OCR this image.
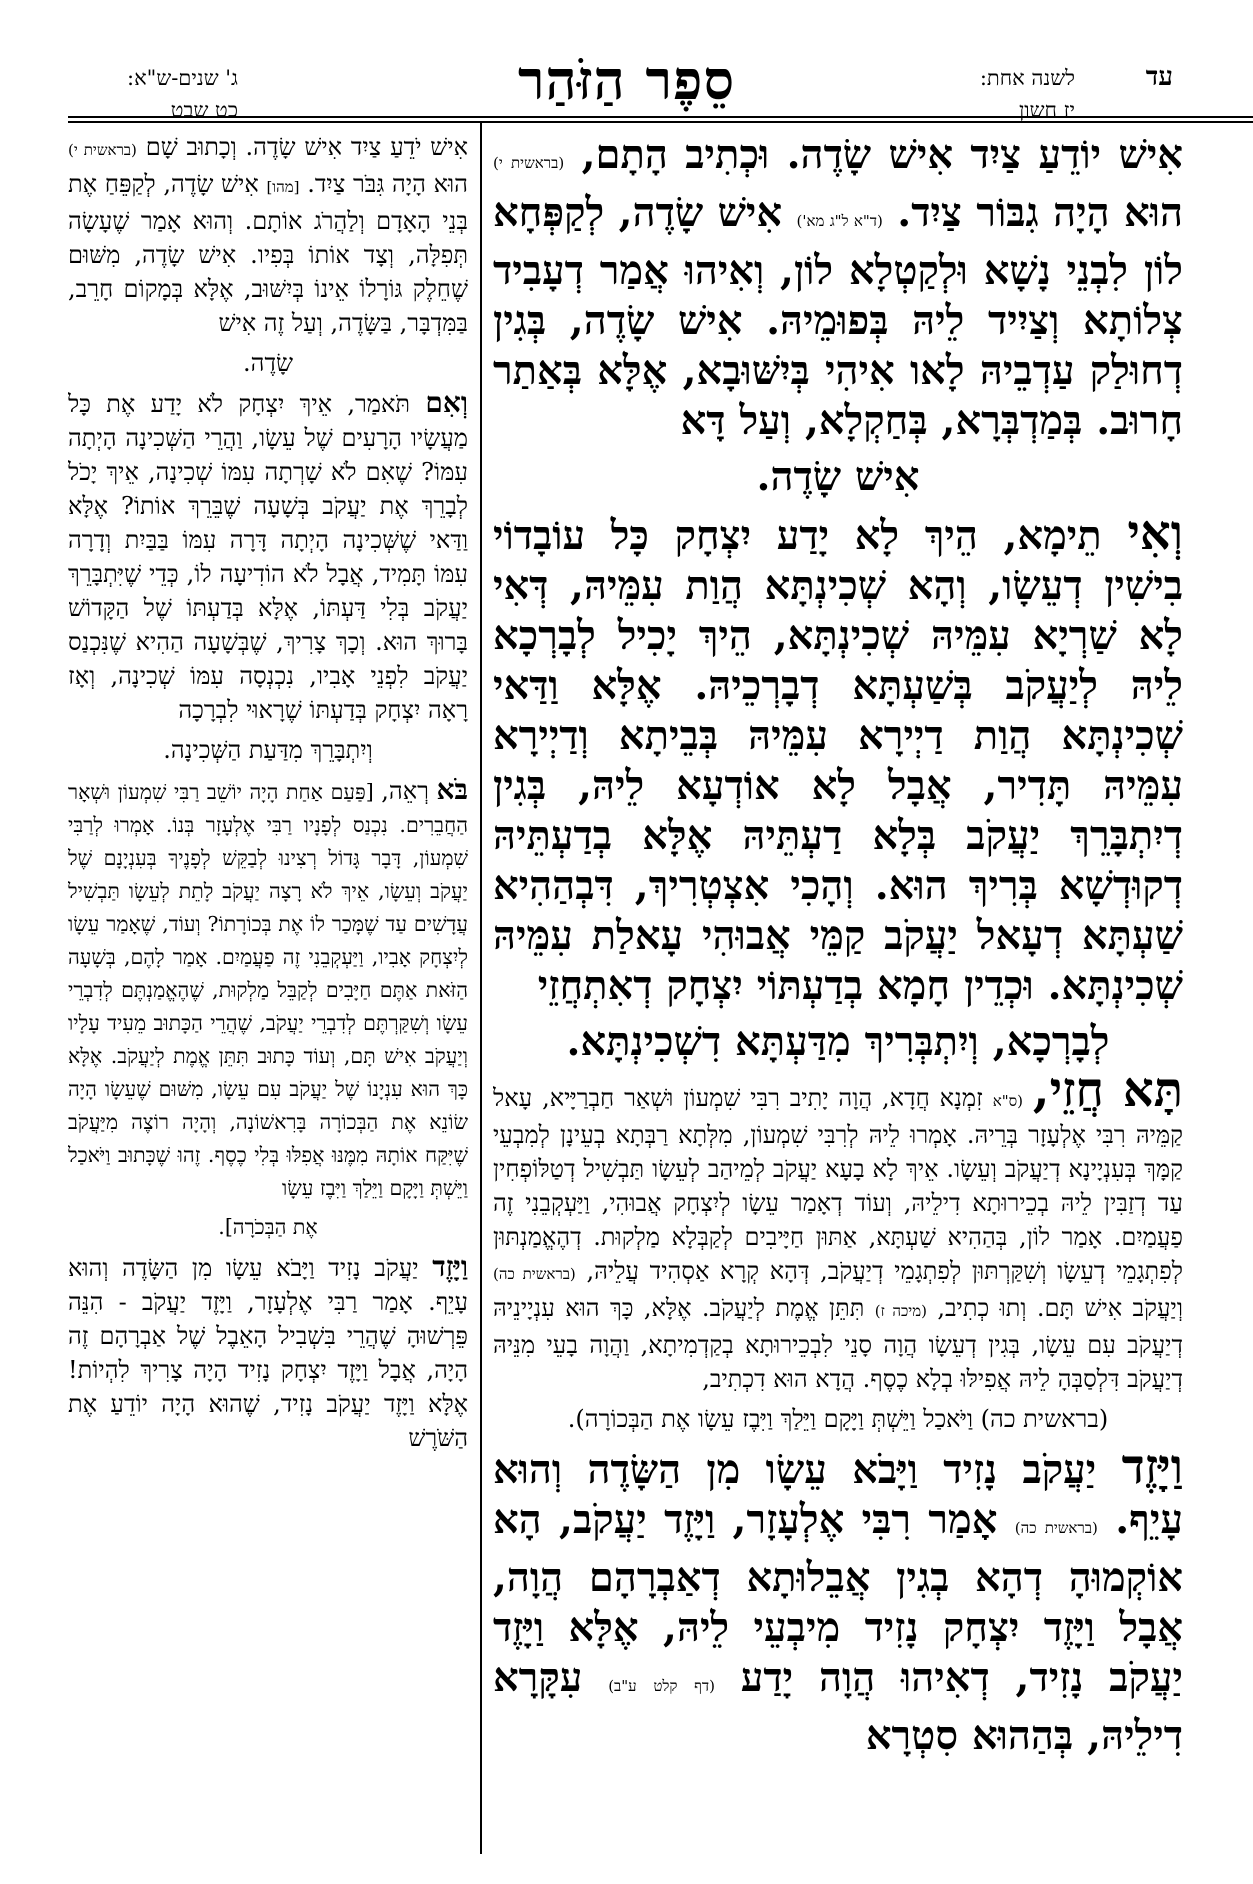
עד
לשנה אחת:
יז חשון
סֵפֶר הַזֹּהַר
ג' שנים-ש"א:
כט שבט

אִישׁ יוֹדֵעַ צַיִד אִישׁ שָׂדֶה. וּכְתִיב הָתָם, (בראשית י) הוּא הָיָה גִבּוֹר צַיִד. (ד"א ל"ג מא') אִישׁ שָׂדֶה, לְקַפְּחָא לוֹן לִבְנֵי נָשָׁא וּלְקַטְלָא לוֹן, וְאִיהוּ אֲמַר דְעָבִיד צְלוֹתָא וְצַיִיד לֵיהּ בְּפוּמֵיהּ. אִישׁ שָׂדֶה, בְּגִין דְחוּלַק עַדְבֵיהּ לָאו אִיהִי בְּיִשּׁוּבָא, אֶלָּא בְּאַתַר חָרוּב. בְּמַדְבְּרָא, בְּחַקְלָא, וְעַל דָּא

אִישׁ שָׂדֶה.

וְאִי תֵימָא, הֵיךְ לָא יָדַע יִצְחָק כָּל עוֹבָדוֹי בִישִׁין דְעֵשָׂו, וְהָא שְׁכִינְתָּא הֲוַת עִמֵּיהּ, דְּאִי לָא שַׁרְיָא עִמֵּיהּ שְׁכִינְתָּא, הֵיךְ יָכִיל לְבָרְכָא לֵיהּ לְיַעֲקֹב בְּשַׁעְתָּא דְבָרְכֵיהּ. אֶלָּא וַדַּאי שְׁכִינְתָּא הֲוַת דַיְירָא עִמֵּיהּ בְּבֵיתָא וְדַיְירָא עִמֵּיהּ תָּדִיר, אֲבָל לָא אוֹדְעָא לֵיהּ, בְּגִין דְיִתְבָּרֵךְ יַעֲקֹב בְּלָא דַעְתֵּיהּ אֶלָּא בְדַעְתֵּיהּ דְקוּדְשָׁא בְּרִיךְ הוּא. וְהָכִי אִצְטְרִיךְ, דִּבְהַהִיא שַׁעְתָּא דְעָאל יַעֲקֹב קַמֵּי אֲבוּהִי עָאלַת עִמֵּיהּ שְׁכִינְתָּא. וּכְדֵין חָמָא בְדַעְתּוֹי יִצְחָק דְאִתְחֲזֵי

לְבָרְכָא, וְיִתְבְּרִיךְ מִדַּעְתָּא דִשְׁכִינְתָּא.

תָּא חֲזֵי, (ס"א זִמְנָא חֲדָא, הֲוָה יָתִיב רִבִּי שִׁמְעוֹן וּשְׁאַר חַבְרַיָּיא, עָאל קַמֵּיהּ רִבִּי אֶלְעָזָר בְּרֵיהּ. אָמְרוּ לֵיהּ לְרִבִּי שִׁמְעוֹן, מִלְּתָא רַבְּתָא בְעֵינָן לְמִבְעֵי קַמָּךְ בְּעִנְיָינָא דְיַעֲקֹב וְעֵשָׂו. אֵיךְ לָא בָעָא יַעֲקֹב לְמֵיהַב לְעֵשָׂו תַּבְשִׁיל דְטַלּוֹפְחִין עַד דְזַבִּין לֵיהּ בְכֵירוּתָא דִילֵיהּ, וְעוֹד דְאָמַר עֵשָׂו לְיִצְחָק אֲבוּהִי, וַיַּעְקְבֵנִי זֶה פַעֲמַיִם. אָמַר לוֹן, בְּהַהִיא שַׁעְתָּא, אַתּוּן חַיָּיבִים לְקַבְּלָא מַלְקוּת. דְהֶאֱמַנְתּוּן לְפִתְגָמֵי דְעֵשָׂו וְשִׁקַּרְתּוּן לְפִתְגָמֵי דְיַעֲקֹב, דְּהָא קְרָא אַסְהִיד עֲלֵיהּ, (בראשית כה) וְיַעֲקֹב אִישׁ תָּם. וְתוּ כְתִיב, (מיכה ז) תִּתֵּן אֱמֶת לְיַעֲקֹב. אֶלָּא, כָּךְ הוּא עִנְיָינֵיהּ דְיַעֲקֹב עִם עֵשָׂו, בְּגִין דְעֵשָׂו הֲוָה סָנֵי לִבְכֵירוּתָא בְקַדְמִיתָא, וַהֲוָה בָעֵי מִנֵּיהּ דְיַעֲקֹב דִּלְסַבְּהָ לֵיהּ אֲפִילּוּ בְלָא כֶסֶף. הֲדָא הוּא דִכְתִיב,

(בראשית כה) וַיֹּאכַל וַיֵּשְׁתְּ וַיָּקָם וַיֵּלַךְ וַיִּבֶז עֵשָׂו אֶת הַבְּכוֹרָה).

וַיָּזֶד יַעֲקֹב נָזִיד וַיָּבֹא עֵשָׂו מִן הַשָּׂדֶה וְהוּא עָיֵף. (בראשית כה) אָמַר רִבִּי אֶלְעָזָר, וַיָּזֶד יַעֲקֹב, הָא אוֹקְמוּהָ דְהָא בְגִין אֲבֵלוּתָא דְאַבְרָהָם הֲוָה, אֲבָל וַיָּזֶד יִצְחָק נָזִיד מִיבְעֵי לֵיהּ, אֶלָּא וַיָּזֶד יַעֲקֹב נָזִיד, דְאִיהוּ הֲוָה יָדַע (דף קלט ע"ב) עִקָּרָא דִילֵיהּ, בְּהַהוּא סִטְרָא

אִישׁ יֹדֵעַ צַיִד אִישׁ שָׂדֶה. וְכָתוּב שָׁם (בראשית י) הוּא הָיָה גִּבֹּר צַיִד. [מהו] אִישׁ שָׂדֶה, לְקַפֵּחַ אֶת בְּנֵי הָאָדָם וְלַהֲרֹג אוֹתָם. וְהוּא אָמַר שֶׁעָשָׂה תְּפִלָּה, וְצָד אוֹתוֹ בְּפִיו. אִישׁ שָׂדֶה, מִשּׁוּם שֶׁחֵלֶק גּוֹרָלוֹ אֵינוֹ בְּיִשּׁוּב, אֶלָּא בְּמָקוֹם חָרֵב, בַּמִּדְבָּר, בַּשָּׂדֶה, וְעַל זֶה אִישׁ

שָׂדֶה.

וְאִם תֹּאמַר, אֵיךְ יִצְחָק לֹא יָדַע אֶת כָּל מַעֲשָׂיו הָרָעִים שֶׁל עֵשָׂו, וַהֲרֵי הַשְּׁכִינָה הָיְתָה עִמּוֹ? שֶׁאִם לֹא שָׁרְתָה עִמּוֹ שְׁכִינָה, אֵיךְ יָכֹל לְבָרֵךְ אֶת יַעֲקֹב בְּשָׁעָה שֶׁבֵּרֵךְ אוֹתוֹ? אֶלָּא וַדַּאי שֶׁשְּׁכִינָה הָיְתָה דָּרָה עִמּוֹ בַּבַּיִת וְדָרָה עִמּוֹ תָּמִיד, אֲבָל לֹא הוֹדִיעָה לוֹ, כְּדֵי שֶׁיִּתְבָּרֵךְ יַעֲקֹב בְּלִי דַּעְתּוֹ, אֶלָּא בְּדַעְתּוֹ שֶׁל הַקָּדוֹשׁ בָּרוּךְ הוּא. וְכָךְ צָרִיךְ, שֶׁבְּשָׁעָה הַהִיא שֶׁנִּכְנַס יַעֲקֹב לִפְנֵי אָבִיו, נִכְנְסָה עִמּוֹ שְׁכִינָה, וְאָז רָאָה יִצְחָק בְּדַעְתּוֹ שֶׁרָאוּי לִבְרָכָה

וְיִתְבָּרֵךְ מִדַּעַת הַשְּׁכִינָה.

בֹּא רְאֵה, [פַּעַם אַחַת הָיָה יוֹשֵׁב רַבִּי שִׁמְעוֹן וּשְׁאָר הַחֲבֵרִים. נִכְנַס לְפָנָיו רַבִּי אֶלְעָזָר בְּנוֹ. אָמְרוּ לְרַבִּי שִׁמְעוֹן, דָּבָר גָּדוֹל רְצִינוּ לְבַקֵּשׁ לְפָנֶיךָ בְּעִנְיָנָם שֶׁל יַעֲקֹב וְעֵשָׂו, אֵיךְ לֹא רָצָה יַעֲקֹב לָתֵת לְעֵשָׂו תַּבְשִׁיל עֲדָשִׁים עַד שֶׁמָּכַר לוֹ אֶת בְּכוֹרָתוֹ? וְעוֹד, שֶׁאָמַר עֵשָׂו לְיִצְחָק אָבִיו, וַיַּעְקְבֵנִי זֶה פַעֲמַיִם. אָמַר לָהֶם, בְּשָׁעָה הַזֹּאת אַתֶּם חַיָּבִים לְקַבֵּל מַלְקוּת, שֶׁהֶאֱמַנְתֶּם לְדִבְרֵי עֵשָׂו וְשִׁקַּרְתֶּם לְדִבְרֵי יַעֲקֹב, שֶׁהֲרֵי הַכָּתוּב מֵעִיד עָלָיו וְיַעֲקֹב אִישׁ תָּם, וְעוֹד כָּתוּב תִּתֵּן אֱמֶת לְיַעֲקֹב. אֶלָּא כָּךְ הוּא עִנְיָנוֹ שֶׁל יַעֲקֹב עִם עֵשָׂו, מִשּׁוּם שֶׁעֵשָׂו הָיָה שׂוֹנֵא אֶת הַבְּכוֹרָה בָּרִאשׁוֹנָה, וְהָיָה רוֹצֶה מִיַּעֲקֹב שֶׁיִּקַּח אוֹתָהּ מִמֶּנּוּ אֲפִלּוּ בְּלִי כֶסֶף. זֶהוּ שֶׁכָּתוּב וַיֹּאכַל וַיֵּשְׁתְּ וַיָּקָם וַיֵּלַךְ וַיִּבֶז עֵשָׂו

אֶת הַבְּכֹרָה].

וַיָּזֶד יַעֲקֹב נָזִיד וַיָּבֹא עֵשָׂו מִן הַשָּׂדֶה וְהוּא עָיֵף. אָמַר רַבִּי אֶלְעָזָר, וַיָּזֶד יַעֲקֹב - הִנֵּה פֵּרְשׁוּהָ שֶׁהֲרֵי בִּשְׁבִיל הָאֵבֶל שֶׁל אַבְרָהָם זֶה הָיָה, אֲבָל וַיָּזֶד יִצְחָק נָזִיד הָיָה צָרִיךְ לִהְיוֹת! אֶלָּא וַיָּזֶד יַעֲקֹב נָזִיד, שֶׁהוּא הָיָה יוֹדֵעַ אֶת הַשֹּׁרֶשׁ
